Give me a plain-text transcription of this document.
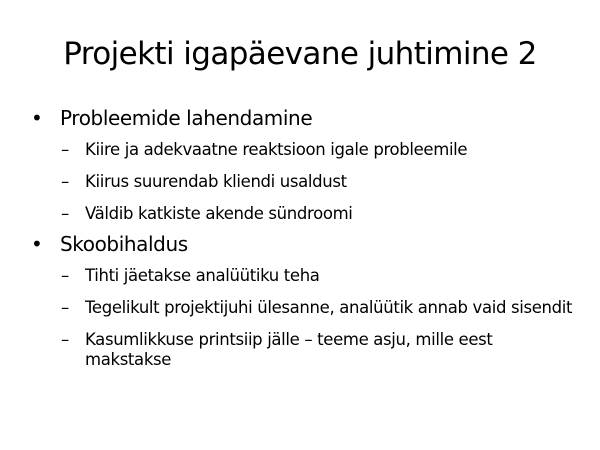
Projekti igapäevane juhtimine 2
• Probleemide lahendamine
– Kiire ja adekvaatne reaktsioon igale probleemile
– Kiirus suurendab kliendi usaldust
– Väldib katkiste akende sündroomi
• Skoobihaldus
– Tihti jäetakse analüütiku teha
– Tegelikult projektijuhi ülesanne, analüütik annab vaid sisendit
– Kasumlikkuse printsiip jälle – teeme asju, mille eest makstakse
